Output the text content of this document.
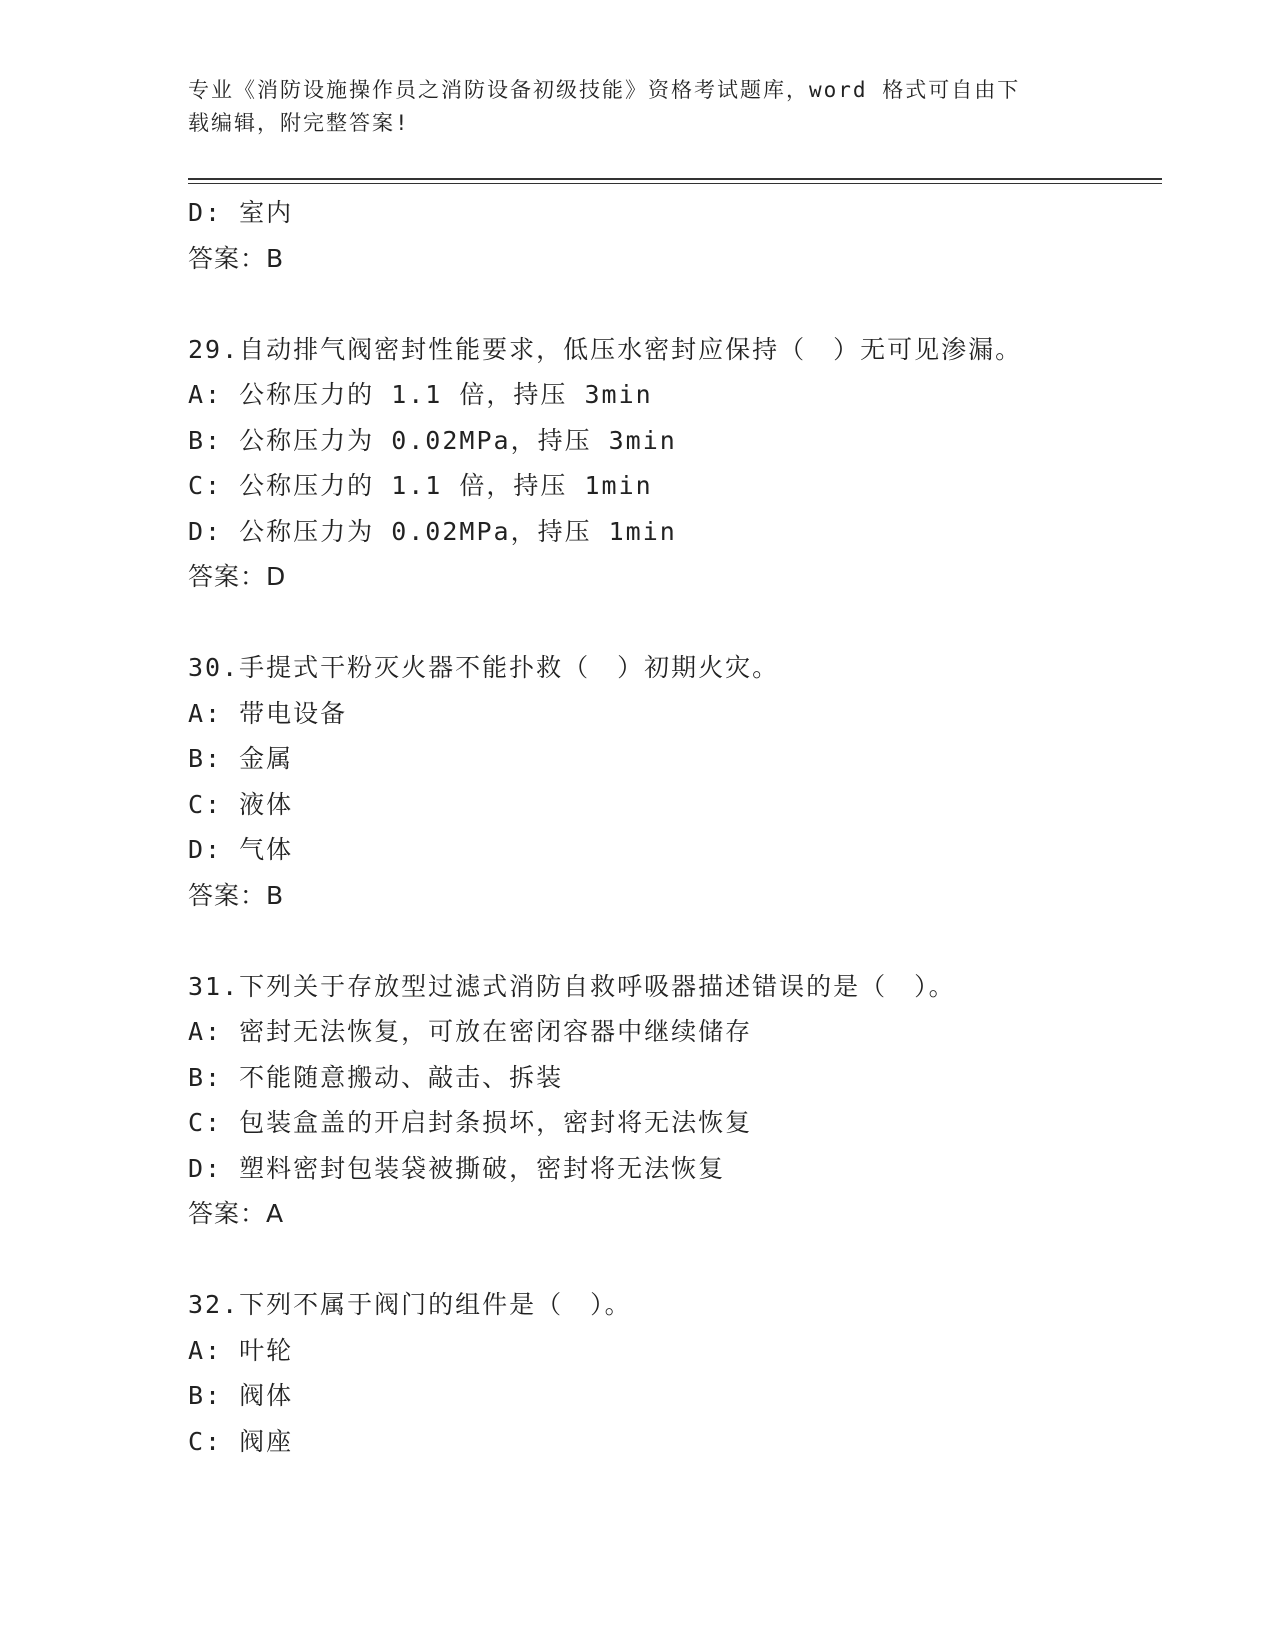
专业《消防设施操作员之消防设备初级技能》资格考试题库，word 格式可自由下
载编辑，附完整答案!
D: 室内
答案：B
29.自动排气阀密封性能要求，低压水密封应保持（　）无可见渗漏。
A: 公称压力的 1.1 倍，持压 3min
B: 公称压力为 0.02MPa，持压 3min
C: 公称压力的 1.1 倍，持压 1min
D: 公称压力为 0.02MPa，持压 1min
答案：D
30.手提式干粉灭火器不能扑救（　）初期火灾。
A: 带电设备
B: 金属
C: 液体
D: 气体
答案：B
31.下列关于存放型过滤式消防自救呼吸器描述错误的是（　）。
A: 密封无法恢复，可放在密闭容器中继续储存
B: 不能随意搬动、敲击、拆装
C: 包装盒盖的开启封条损坏，密封将无法恢复
D: 塑料密封包装袋被撕破，密封将无法恢复
答案：A
32.下列不属于阀门的组件是（　）。
A: 叶轮
B: 阀体
C: 阀座
